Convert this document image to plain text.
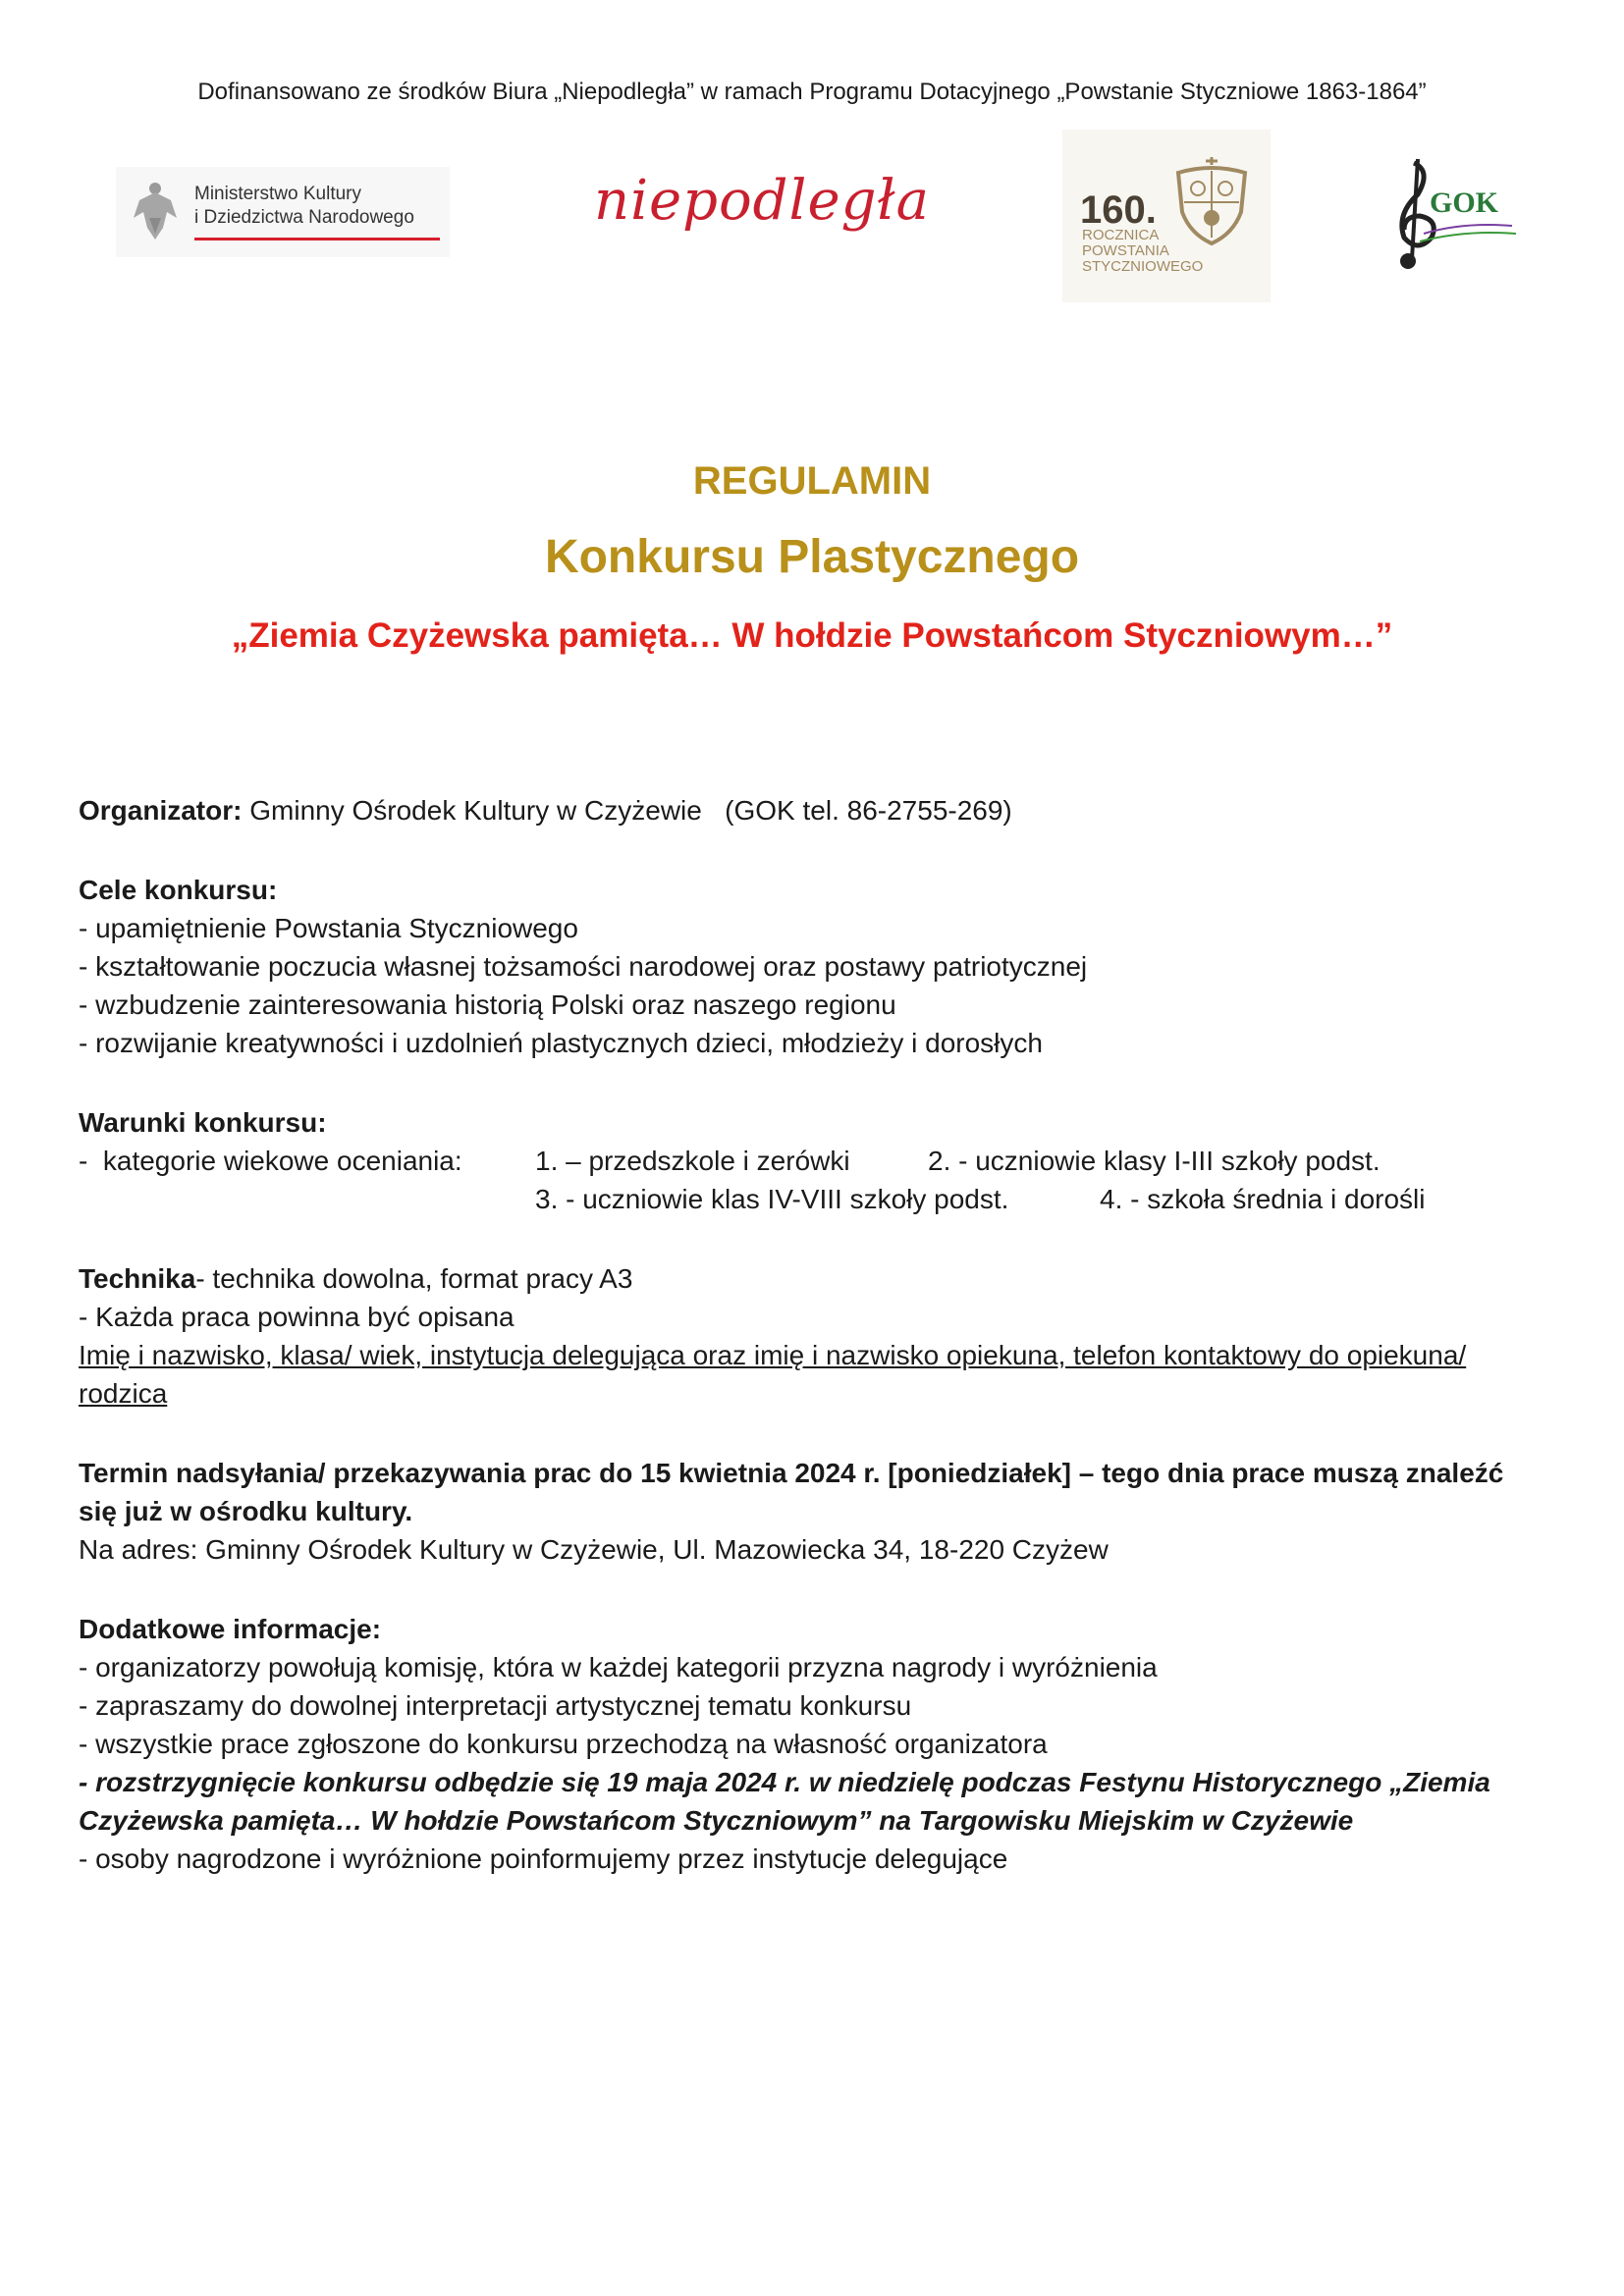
Dofinansowano ze środków Biura „Niepodległa” w ramach Programu Dotacyjnego „Powstanie Styczniowe 1863-1864”
Ministerstwo Kultury
i Dziedzictwa Narodowego	niepodległa	160.
ROCZNICA
POWSTANIA
STYCZNIOWEGO
GOK
REGULAMIN
Konkursu Plastycznego
„Ziemia Czyżewska pamięta… W hołdzie Powstańcom Styczniowym…”

Organizator: Gminny Ośrodek Kultury w Czyżewie   (GOK tel. 86-2755-269)

Cele konkursu:

- upamiętnienie Powstania Styczniowego

- kształtowanie poczucia własnej tożsamości narodowej oraz postawy patriotycznej

- wzbudzenie zainteresowania historią Polski oraz naszego regionu

- rozwijanie kreatywności i uzdolnień plastycznych dzieci, młodzieży i dorosłych

Warunki konkursu:

-  kategorie wiekowe oceniania:	1. – przedszkole i zerówki	2. - uczniowie klasy I-III szkoły podst.

3. - uczniowie klas IV-VIII szkoły podst.	4. - szkoła średnia i dorośli

Technika- technika dowolna, format pracy A3

- Każda praca powinna być opisana

Imię i nazwisko, klasa/ wiek, instytucja delegująca oraz imię i nazwisko opiekuna, telefon kontaktowy do opiekuna/ rodzica

Termin nadsyłania/ przekazywania prac do 15 kwietnia 2024 r. [poniedziałek] – tego dnia prace muszą znaleźć się już w ośrodku kultury.

Na adres: Gminny Ośrodek Kultury w Czyżewie, Ul. Mazowiecka 34, 18-220 Czyżew

Dodatkowe informacje:

- organizatorzy powołują komisję, która w każdej kategorii przyzna nagrody i wyróżnienia

- zapraszamy do dowolnej interpretacji artystycznej tematu konkursu

- wszystkie prace zgłoszone do konkursu przechodzą na własność organizatora

- rozstrzygnięcie konkursu odbędzie się 19 maja 2024 r. w niedzielę podczas Festynu Historycznego „Ziemia Czyżewska pamięta… W hołdzie Powstańcom Styczniowym” na Targowisku Miejskim w Czyżewie

- osoby nagrodzone i wyróżnione poinformujemy przez instytucje delegujące
